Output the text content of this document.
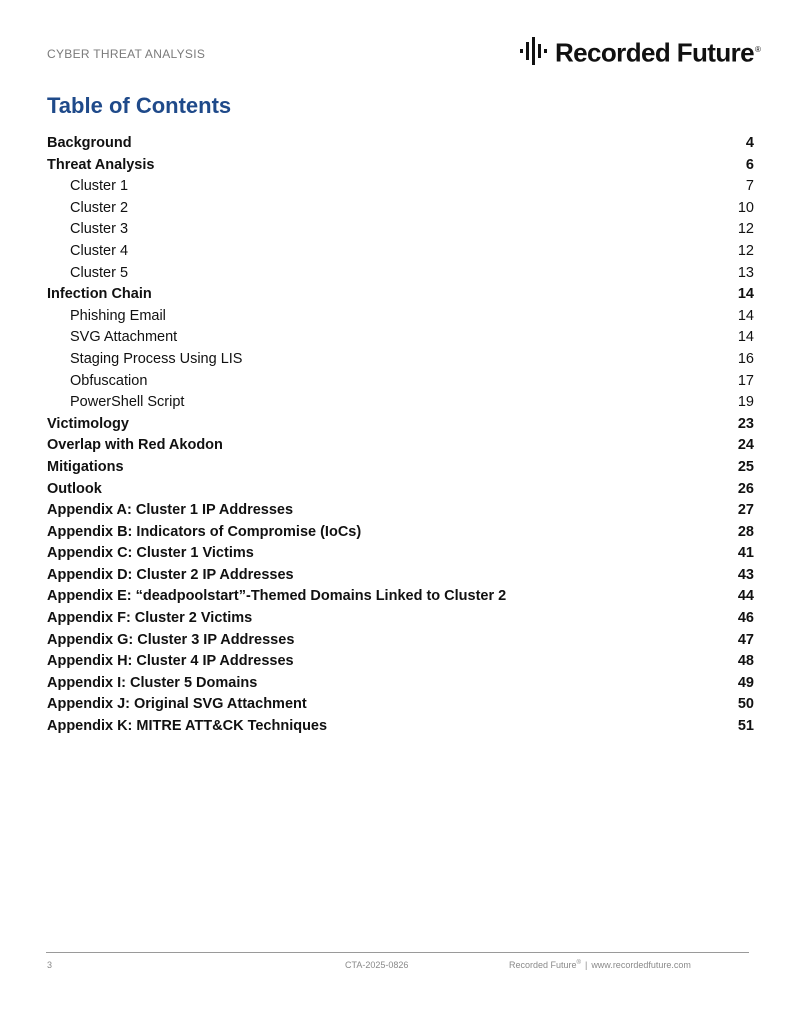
CYBER THREAT ANALYSIS	Recorded Future®
Table of Contents
Background	4
Threat Analysis	6
Cluster 1	7
Cluster 2	10
Cluster 3	12
Cluster 4	12
Cluster 5	13
Infection Chain	14
Phishing Email	14
SVG Attachment	14
Staging Process Using LIS	16
Obfuscation	17
PowerShell Script	19
Victimology	23
Overlap with Red Akodon	24
Mitigations	25
Outlook	26
Appendix A: Cluster 1 IP Addresses	27
Appendix B: Indicators of Compromise (IoCs)	28
Appendix C: Cluster 1 Victims	41
Appendix D: Cluster 2 IP Addresses	43
Appendix E: “deadpoolstart”-Themed Domains Linked to Cluster 2	44
Appendix F: Cluster 2 Victims	46
Appendix G: Cluster 3 IP Addresses	47
Appendix H: Cluster 4 IP Addresses	48
Appendix I: Cluster 5 Domains	49
Appendix J: Original SVG Attachment	50
Appendix K: MITRE ATT&CK Techniques	51
3	CTA-2025-0826	Recorded Future® | www.recordedfuture.com
